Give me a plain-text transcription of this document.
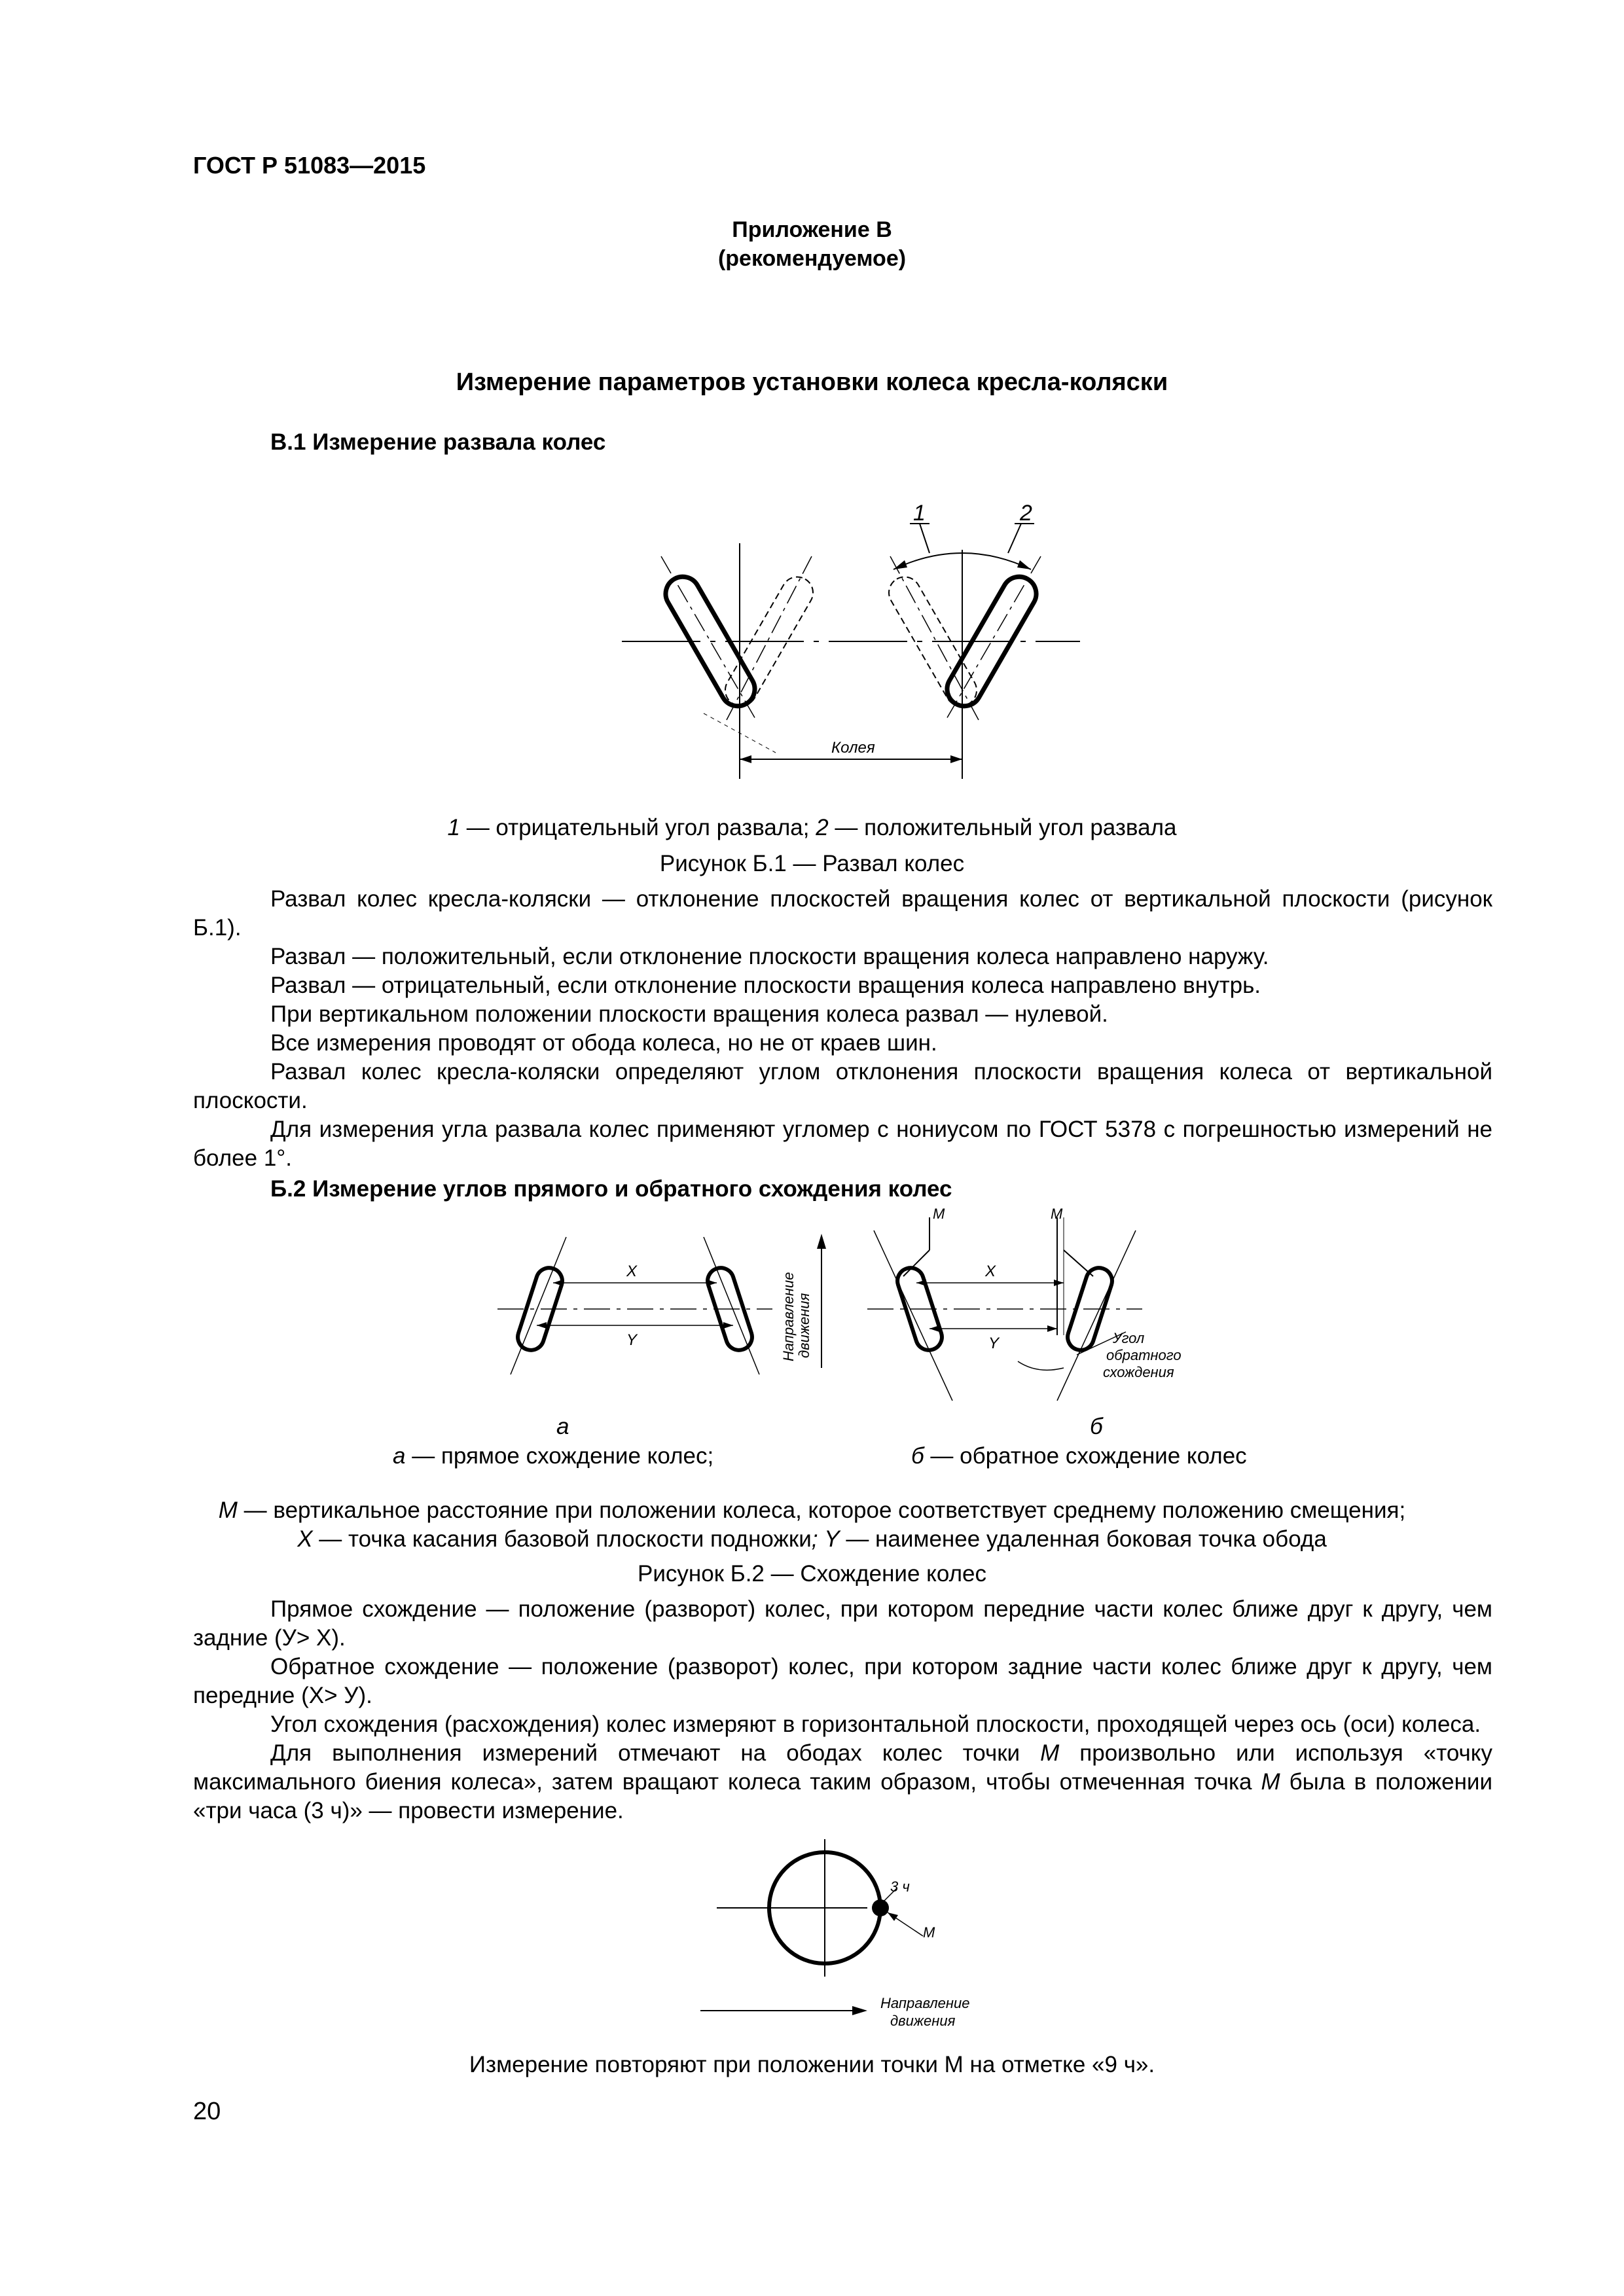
ГОСТ Р 51083—2015
Приложение В
(рекомендуемое)
Измерение параметров установки колеса кресла-коляски
В.1 Измерение развала колес
1	2
Колея
1 — отрицательный угол развала; 2 — положительный угол развала
Рисунок Б.1 — Развал колес

Развал колес кресла-коляски — отклонение плоскостей вращения колес от вертикальной плоскости (рисунок Б.1).

Развал — положительный, если отклонение плоскости вращения колеса направлено наружу.

Развал — отрицательный, если отклонение плоскости вращения колеса направлено внутрь.

При вертикальном положении плоскости вращения колеса развал — нулевой.

Все измерения проводят от обода колеса, но не от краев шин.

Развал колес кресла-коляски определяют углом отклонения плоскости вращения колеса от вертикальной плоскости.

Для измерения угла развала колес применяют угломер с нониусом по ГОСТ 5378 с погрешностью измерений не более 1°.

Б.2 Измерение углов прямого и обратного схождения колес
X
Y	Направление движения
М	М
X
Y	Угол
обратного
схождения
а	б
а — прямое схождение колес;	б — обратное схождение колес
М — вертикальное расстояние при положении колеса, которое соответствует среднему положению смещения;
X — точка касания базовой плоскости подножки; Y — наименее удаленная боковая точка обода
Рисунок Б.2 — Схождение колес

Прямое схождение — положение (разворот) колес, при котором передние части колес ближе друг к другу, чем задние (У> X).

Обратное схождение — положение (разворот) колес, при котором задние части колес ближе друг к другу, чем передние (X> У).

Угол схождения (расхождения) колес измеряют в горизонтальной плоскости, проходящей через ось (оси) колеса.

Для выполнения измерений отмечают на ободах колес точки М произвольно или используя «точку максимального биения колеса», затем вращают колеса таким образом, чтобы отмеченная точка М была в положении «три часа (3 ч)» — провести измерение.

3 ч
М
Направление
движения
Измерение повторяют при положении точки М на отметке «9 ч».
20
